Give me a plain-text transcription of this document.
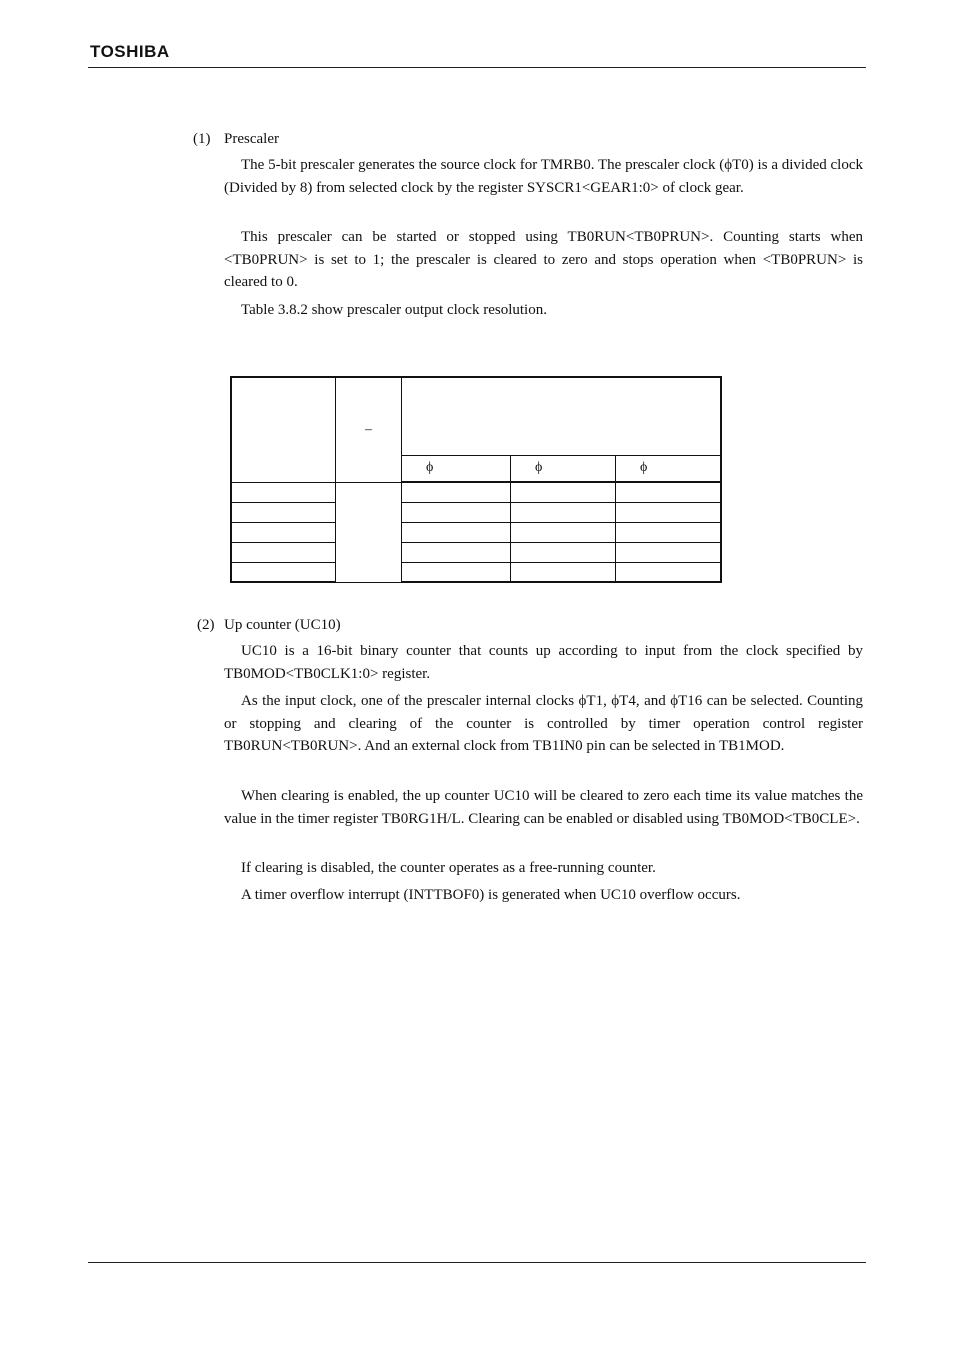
TOSHIBA
(1) Prescaler
The 5-bit prescaler generates the source clock for TMRB0. The prescaler clock (ϕT0) is a divided clock (Divided by 8) from selected clock by the register SYSCR1<GEAR1:0> of clock gear.
This prescaler can be started or stopped using TB0RUN<TB0PRUN>. Counting starts when <TB0PRUN> is set to 1; the prescaler is cleared to zero and stops operation when <TB0PRUN> is cleared to 0.
Table 3.8.2 show prescaler output clock resolution.
	–			
		ϕ	ϕ	ϕ

(2) Up counter (UC10)
UC10 is a 16-bit binary counter that counts up according to input from the clock specified by TB0MOD<TB0CLK1:0> register.
As the input clock, one of the prescaler internal clocks ϕT1, ϕT4, and ϕT16 can be selected. Counting or stopping and clearing of the counter is controlled by timer operation control register TB0RUN<TB0RUN>. And an external clock from TB1IN0 pin can be selected in TB1MOD.
When clearing is enabled, the up counter UC10 will be cleared to zero each time its value matches the value in the timer register TB0RG1H/L. Clearing can be enabled or disabled using TB0MOD<TB0CLE>.
If clearing is disabled, the counter operates as a free-running counter.
A timer overflow interrupt (INTTBOF0) is generated when UC10 overflow occurs.
